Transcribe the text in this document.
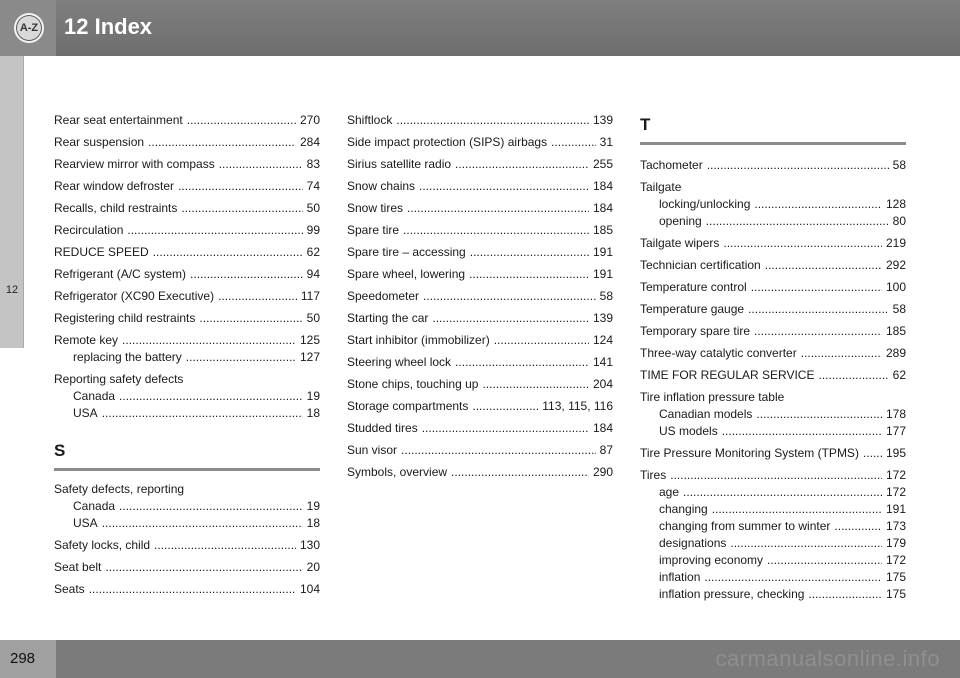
A-Z 12 Index
12
Rear seat entertainment .....	270
Rear suspension .....	284
Rearview mirror with compass .....	83
Rear window defroster .....	74
Recalls, child restraints .....	50
Recirculation .....	99
REDUCE SPEED .....	62
Refrigerant (A/C system) .....	94
Refrigerator (XC90 Executive) .....	117
Registering child restraints .....	50
Remote key .....	125
replacing the battery .....	127
Reporting safety defects
Canada .....	19
USA .....	18
S
Safety defects, reporting
Canada .....	19
USA .....	18
Safety locks, child .....	130
Seat belt .....	20
Seats .....	104
Shiftlock .....	139
Side impact protection (SIPS) airbags .....	31
Sirius satellite radio .....	255
Snow chains .....	184
Snow tires .....	184
Spare tire .....	185
Spare tire – accessing .....	191
Spare wheel, lowering .....	191
Speedometer .....	58
Starting the car .....	139
Start inhibitor (immobilizer) .....	124
Steering wheel lock .....	141
Stone chips, touching up .....	204
Storage compartments .....	113, 115, 116
Studded tires .....	184
Sun visor .....	87
Symbols, overview .....	290
T
Tachometer .....	58
Tailgate
locking/unlocking .....	128
opening .....	80
Tailgate wipers .....	219
Technician certification .....	292
Temperature control .....	100
Temperature gauge .....	58
Temporary spare tire .....	185
Three-way catalytic converter .....	289
TIME FOR REGULAR SERVICE .....	62
Tire inflation pressure table
Canadian models .....	178
US models .....	177
Tire Pressure Monitoring System (TPMS) ..... 195
Tires .....	172
age .....	172
changing .....	191
changing from summer to winter .....	173
designations .....	179
improving economy .....	172
inflation .....	175
inflation pressure, checking .....	175
298	carmanualsonline.info
